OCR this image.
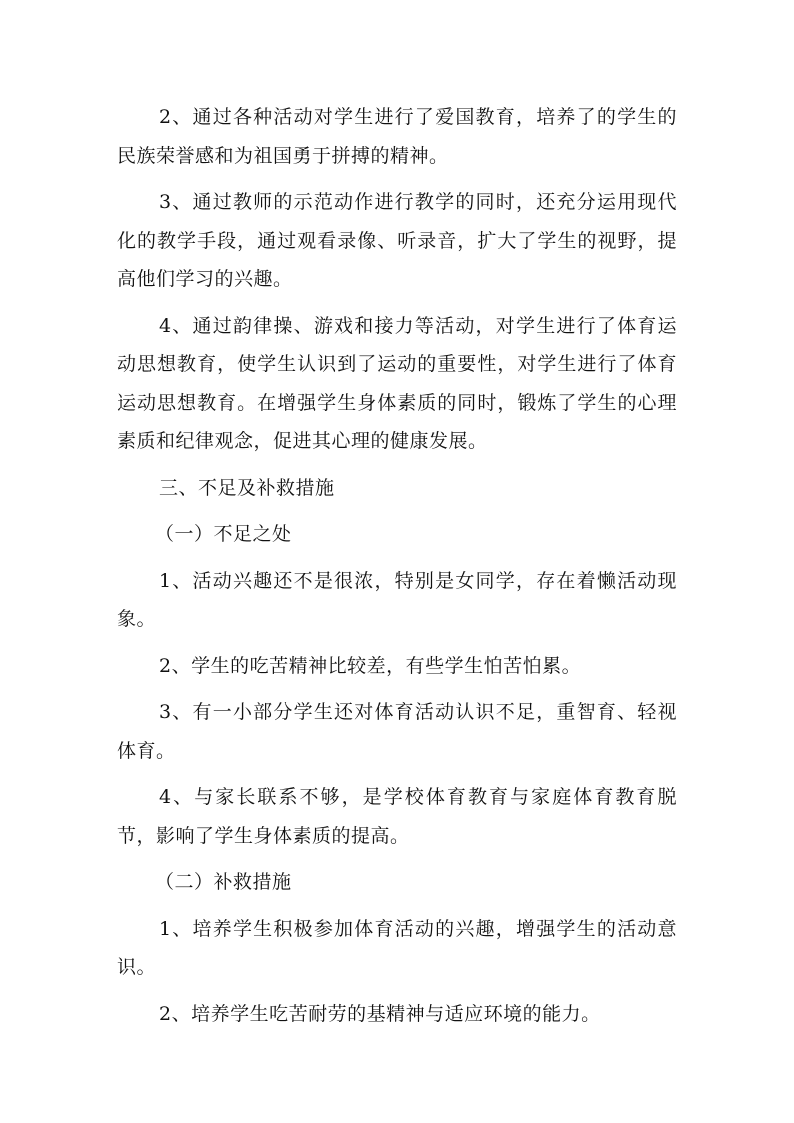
2、通过各种活动对学生进行了爱国教育，培养了的学生的民族荣誉感和为祖国勇于拼搏的精神。

3、通过教师的示范动作进行教学的同时，还充分运用现代化的教学手段，通过观看录像、听录音，扩大了学生的视野，提高他们学习的兴趣。

4、通过韵律操、游戏和接力等活动，对学生进行了体育运动思想教育，使学生认识到了运动的重要性，对学生进行了体育运动思想教育。在增强学生身体素质的同时，锻炼了学生的心理素质和纪律观念，促进其心理的健康发展。

三、不足及补救措施

（一）不足之处

1、活动兴趣还不是很浓，特别是女同学，存在着懒活动现象。

2、学生的吃苦精神比较差，有些学生怕苦怕累。

3、有一小部分学生还对体育活动认识不足，重智育、轻视体育。

4、与家长联系不够，是学校体育教育与家庭体育教育脱节，影响了学生身体素质的提高。

（二）补救措施

1、培养学生积极参加体育活动的兴趣，增强学生的活动意识。

2、培养学生吃苦耐劳的基精神与适应环境的能力。
